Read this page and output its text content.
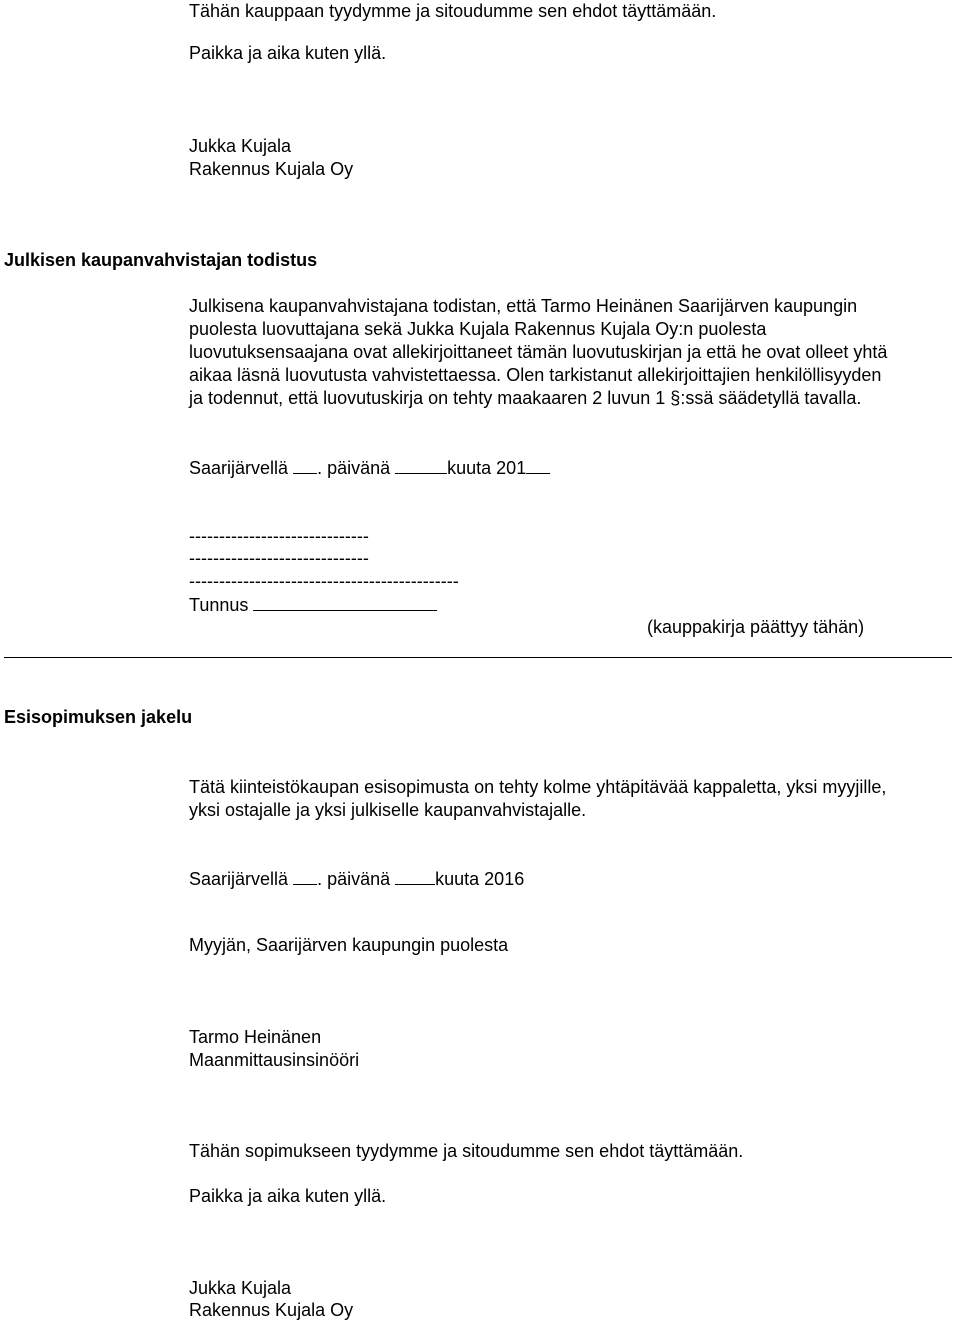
Tähän kauppaan tyydymme ja sitoudumme sen ehdot täyttämään.
Paikka ja aika kuten yllä.
Jukka Kujala
Rakennus Kujala Oy
Julkisen kaupanvahvistajan todistus
Julkisena kaupanvahvistajana todistan, että Tarmo Heinänen Saarijärven kaupungin
puolesta luovuttajana sekä Jukka Kujala Rakennus Kujala Oy:n puolesta
luovutuksensaajana ovat allekirjoittaneet tämän luovutuskirjan ja että he ovat olleet yhtä
aikaa läsnä luovutusta vahvistettaessa. Olen tarkistanut allekirjoittajien henkilöllisyyden
ja todennut, että luovutuskirja on tehty maakaaren 2 luvun 1 §:ssä säädetyllä tavalla.
Saarijärvellä . päivänä	kuuta 201
------------------------------
------------------------------
---------------------------------------------
Tunnus
(kauppakirja päättyy tähän)
Esisopimuksen jakelu
Tätä kiinteistökaupan esisopimusta on tehty kolme yhtäpitävää kappaletta, yksi myyjille,
yksi ostajalle ja yksi julkiselle kaupanvahvistajalle.
Saarijärvellä . päivänä	kuuta 2016
Myyjän, Saarijärven kaupungin puolesta
Tarmo Heinänen
Maanmittausinsinööri
Tähän sopimukseen tyydymme ja sitoudumme sen ehdot täyttämään.
Paikka ja aika kuten yllä.
Jukka Kujala
Rakennus Kujala Oy
